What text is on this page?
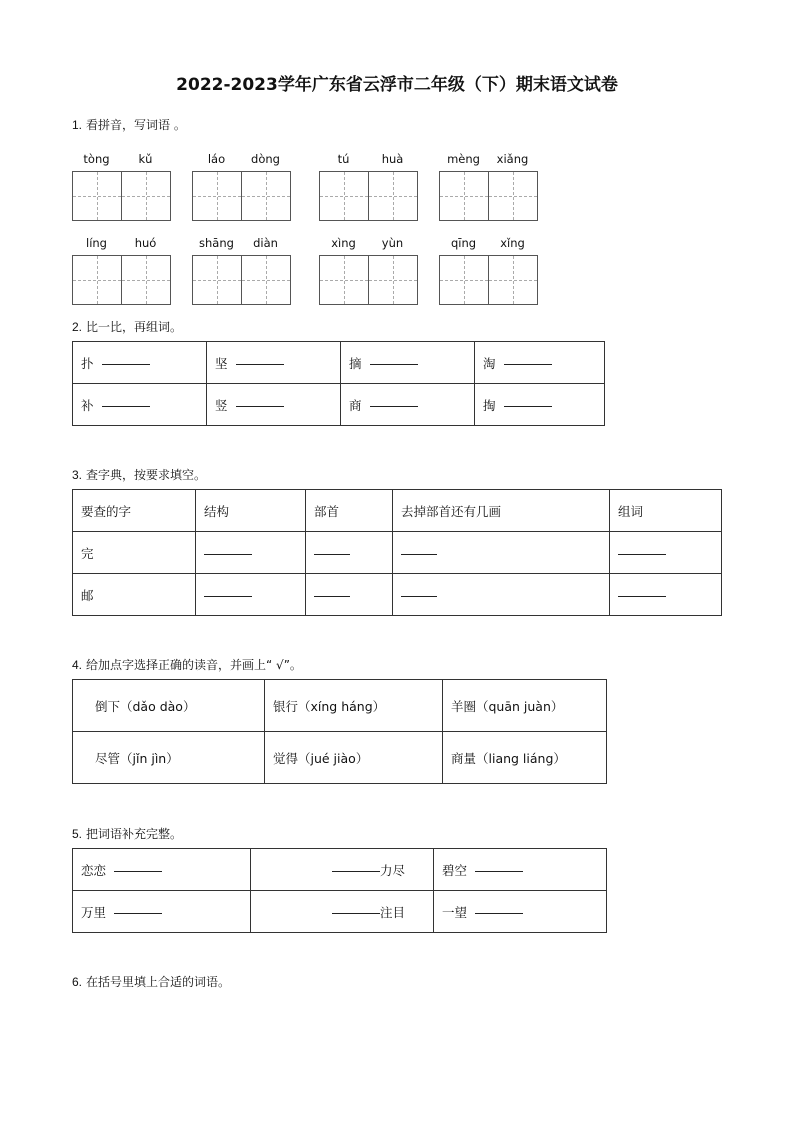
2022-2023学年广东省云浮市二年级（下）期末语文试卷
1. 看拼音，写词语 。
tòng	kǔ	láo	dòng	tú	huà	mèng	xiǎng
líng	huó	shāng	diàn	xìng	yùn	qīng	xǐng
2. 比一比，再组词。
扑	坚	摘	淘
补	竖	商	掏
3. 查字典，按要求填空。
要查的字	结构	部首	去掉部首还有几画	组词
完				
邮				
4. 给加点字选择正确的读音，并画上“ √”。
倒下（dǎo dào）	银行（xíng háng）	羊圈（quān juàn）
尽管（jǐn jìn）	觉得（jué jiào）	商量（liang liáng）
5. 把词语补充完整。
恋恋	力尽	碧空
万里	注目	一望
6. 在括号里填上合适的词语。
